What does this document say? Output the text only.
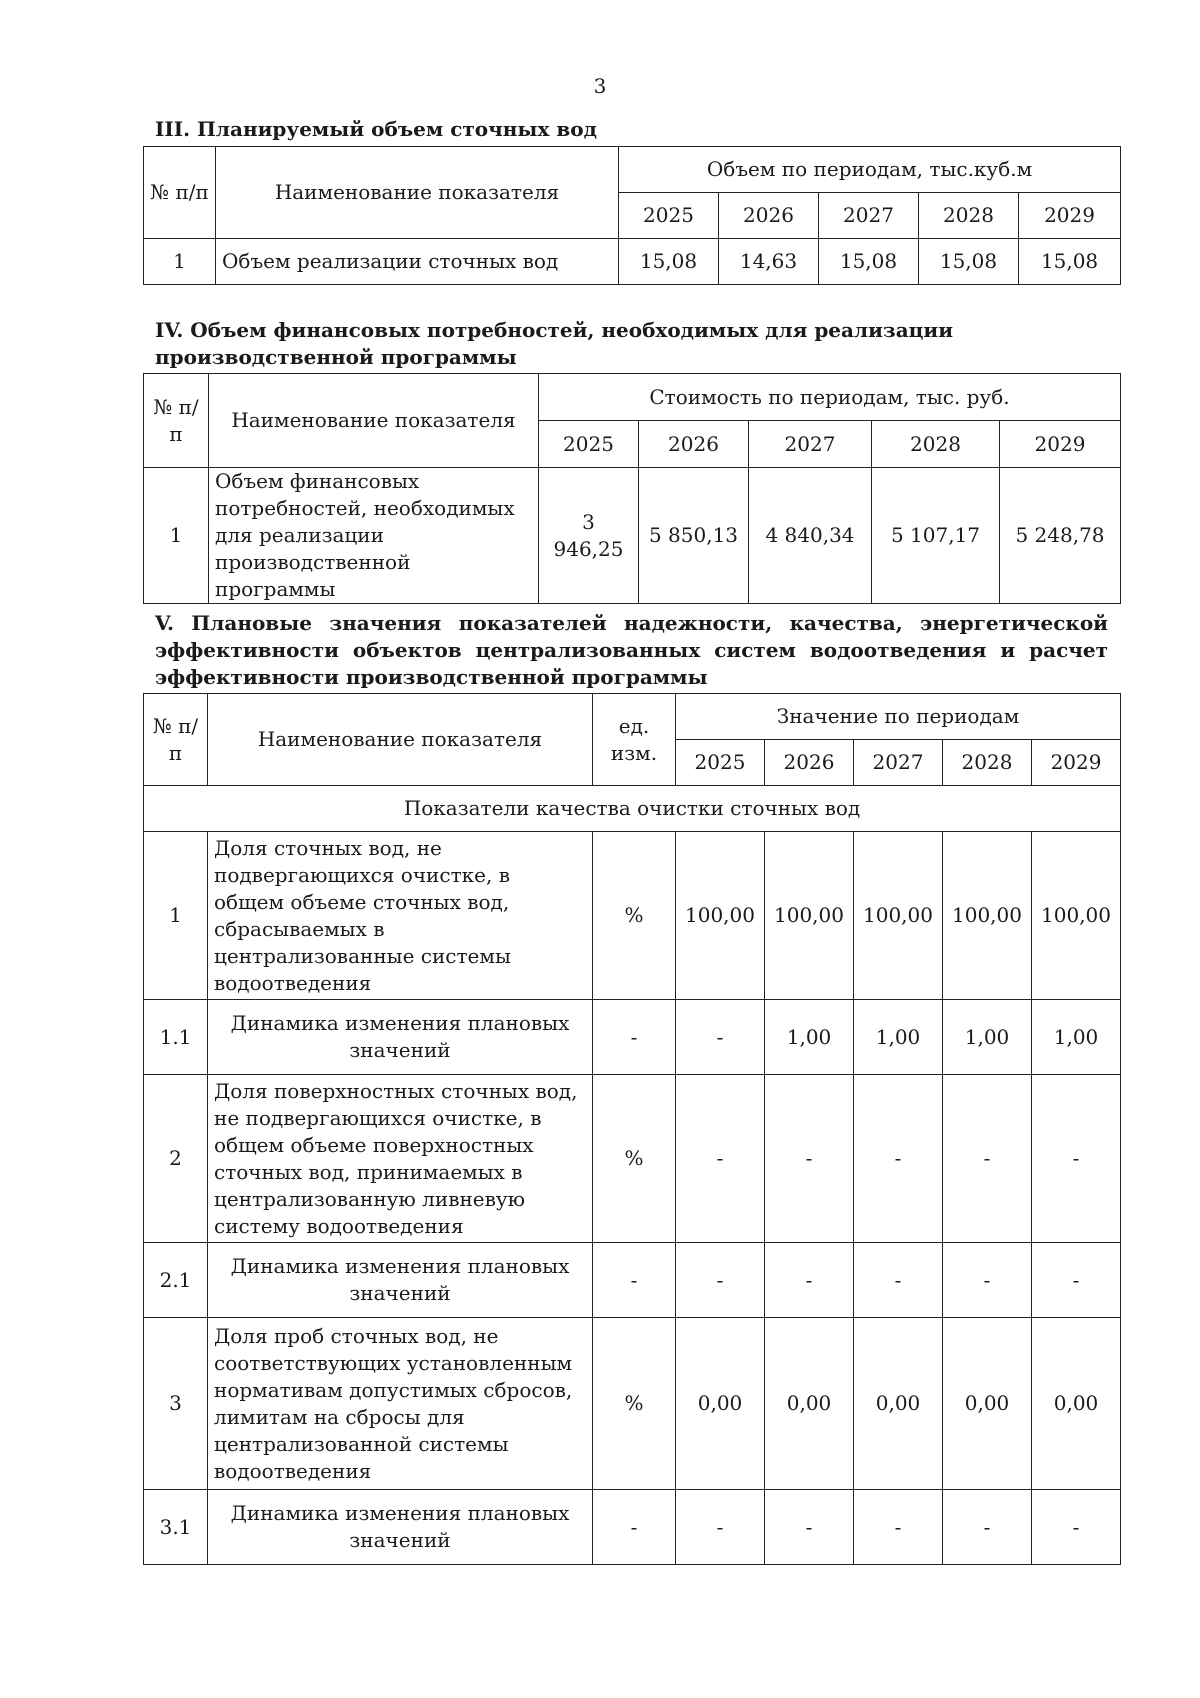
3

III. Планируемый объем сточных вод

№ п/п	Наименование показателя	Объем по периодам, тыс.куб.м				
		2025	2026	2027	2028	2029
1	Объем реализации сточных вод	15,08	14,63	15,08	15,08	15,08

IV. Объем финансовых потребностей, необходимых для реализации производственной программы

№ п/п	Наименование показателя	Стоимость по периодам, тыс. руб.				
		2025	2026	2027	2028	2029
1	Объем финансовых потребностей, необходимых для реализации производственной программы	3 946,25	5 850,13	4 840,34	5 107,17	5 248,78

V. Плановые значения показателей надежности, качества, энергетической эффективности объектов централизованных систем водоотведения и расчет эффективности производственной программы

№ п/п	Наименование показателя	ед. изм.	Значение по периодам				
			2025	2026	2027	2028	2029
Показатели качества очистки сточных вод							
1	Доля сточных вод, не подвергающихся очистке, в общем объеме сточных вод, сбрасываемых в централизованные системы водоотведения	%	100,00	100,00	100,00	100,00	100,00
1.1	Динамика изменения плановых значений	-	-	1,00	1,00	1,00	1,00
2	Доля поверхностных сточных вод, не подвергающихся очистке, в общем объеме поверхностных сточных вод, принимаемых в централизованную ливневую систему водоотведения	%	-	-	-	-	-
2.1	Динамика изменения плановых значений	-	-	-	-	-	-
3	Доля проб сточных вод, не соответствующих установленным нормативам допустимых сбросов, лимитам на сбросы для централизованной системы водоотведения	%	0,00	0,00	0,00	0,00	0,00
3.1	Динамика изменения плановых значений	-	-	-	-	-	-
